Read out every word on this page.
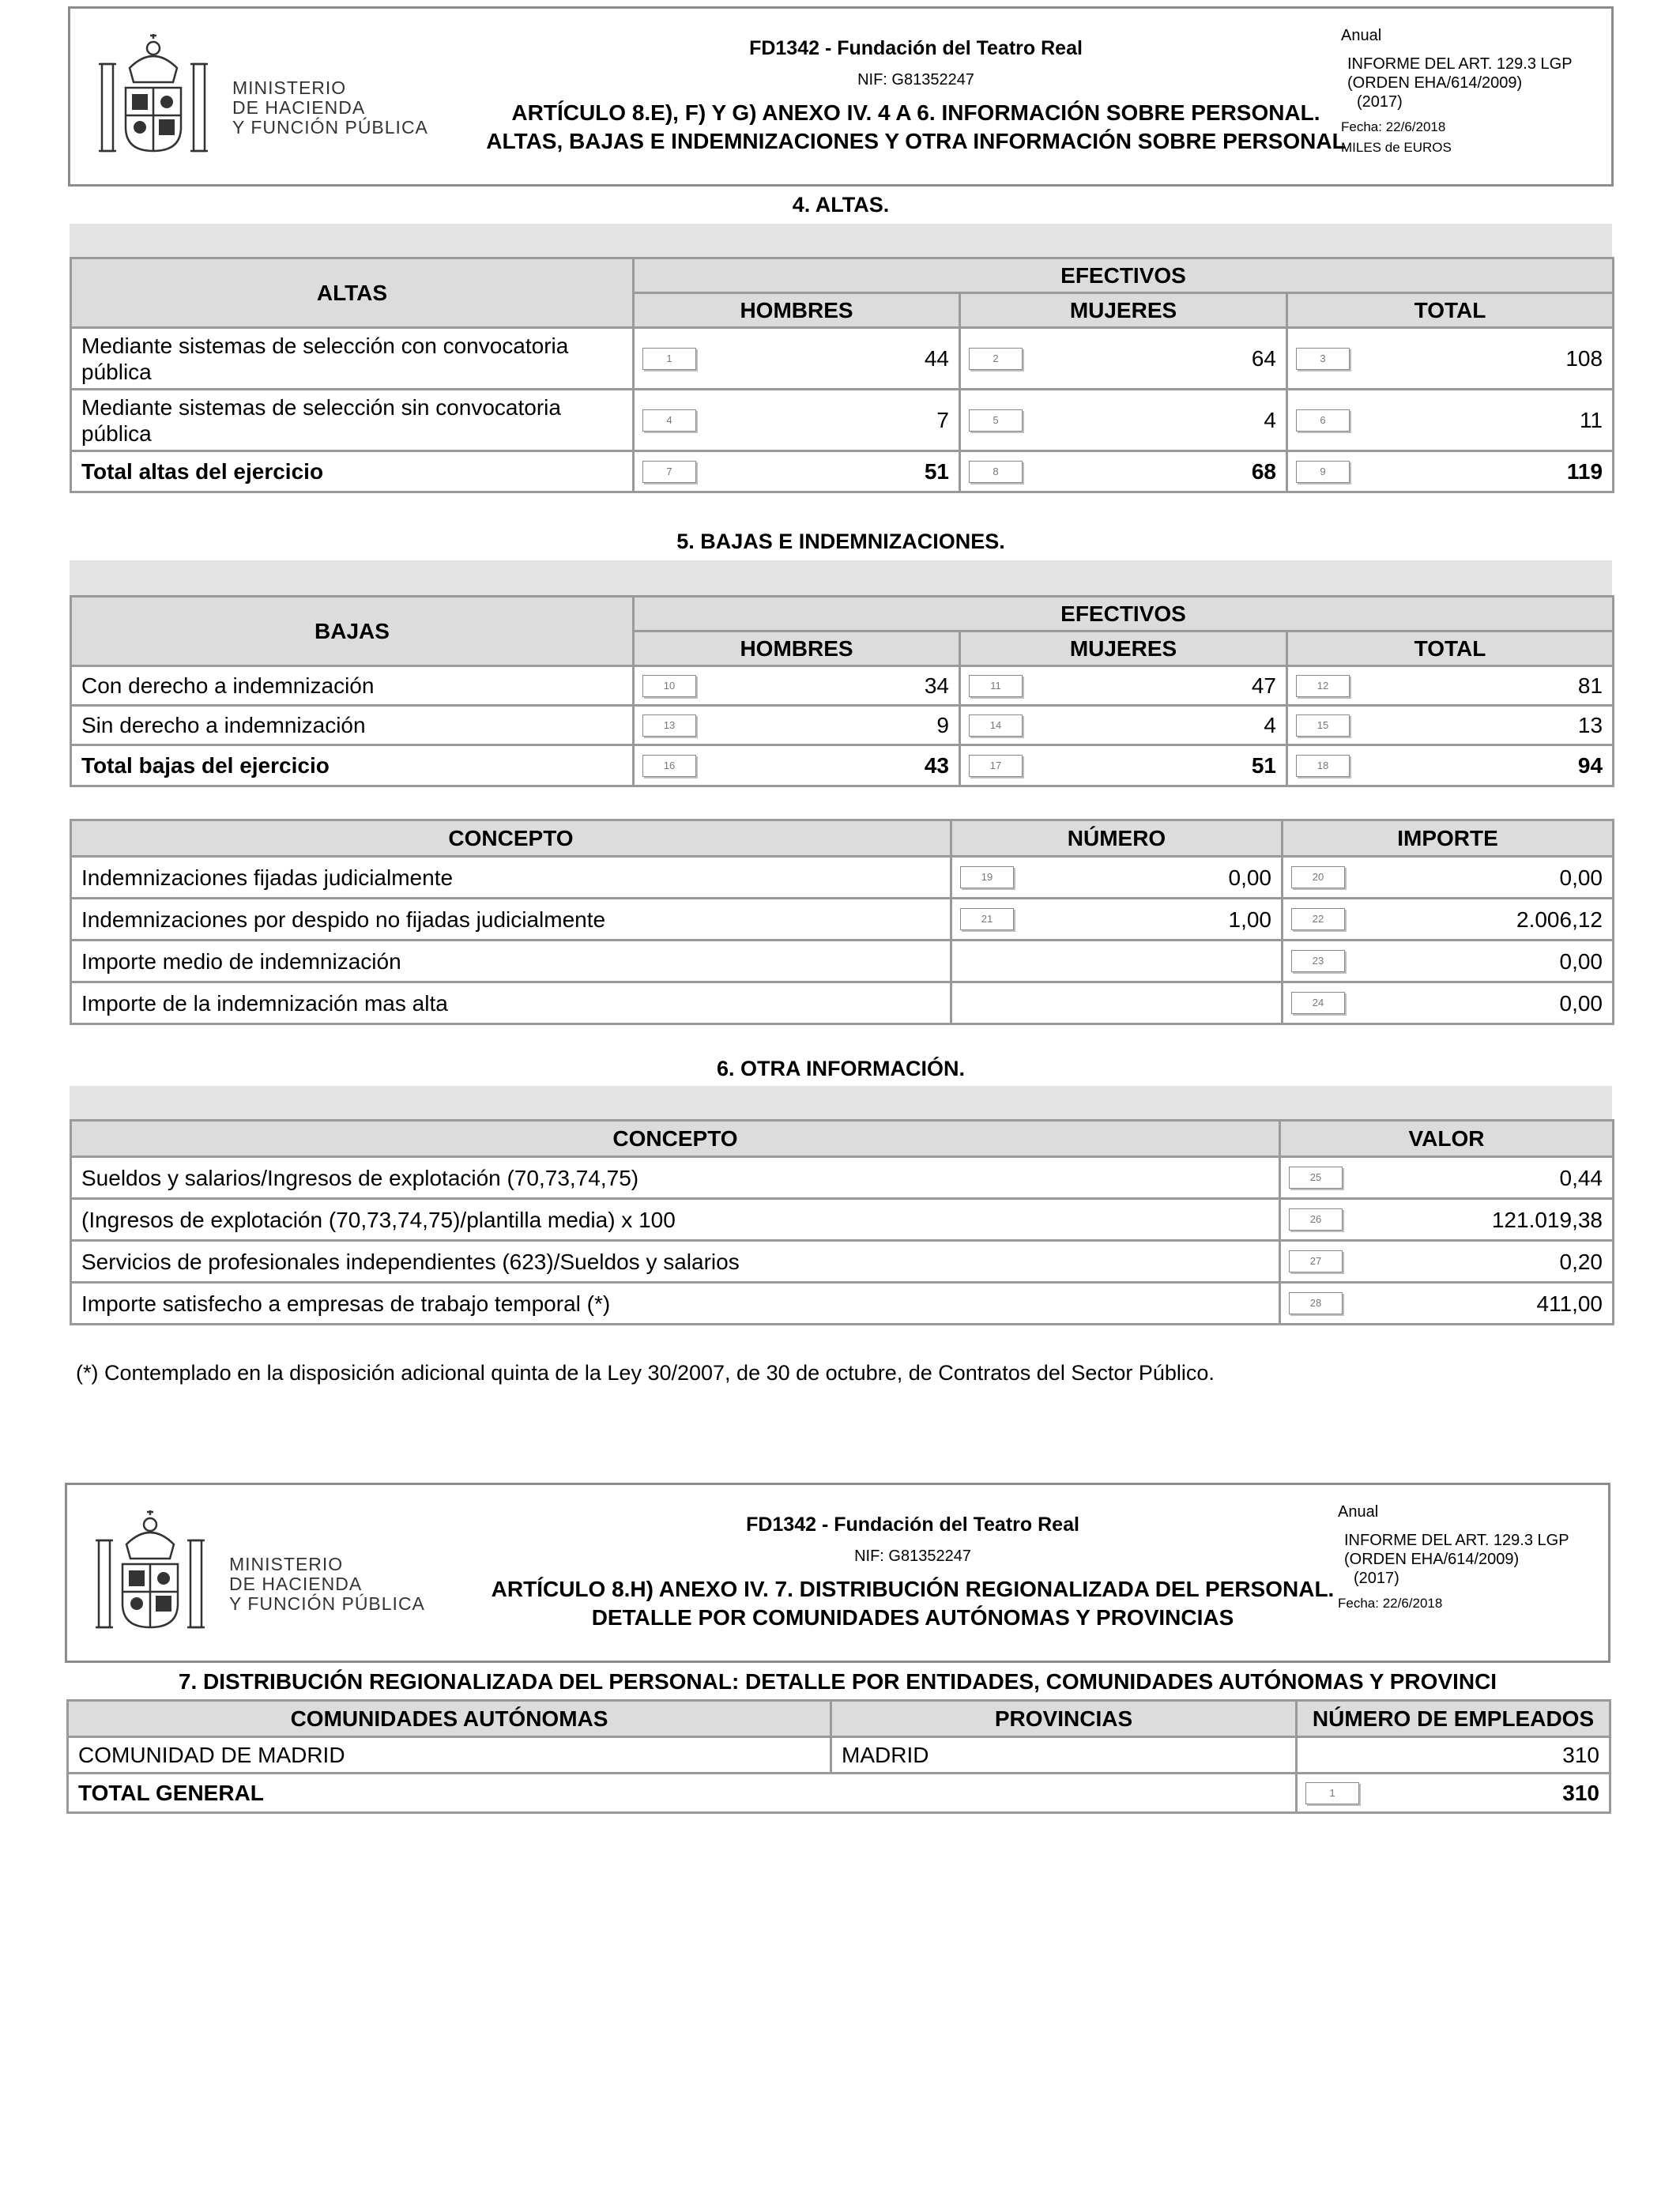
MINISTERIO
DE HACIENDA
Y FUNCIÓN PÚBLICA
FD1342 - Fundación del Teatro Real
NIF: G81352247
ARTÍCULO 8.E), F) Y G) ANEXO IV. 4 A 6. INFORMACIÓN SOBRE PERSONAL.
ALTAS, BAJAS E INDEMNIZACIONES Y OTRA INFORMACIÓN SOBRE PERSONAL
Anual
INFORME DEL ART. 129.3 LGP
(ORDEN EHA/614/2009)
(2017)
Fecha: 22/6/2018
MILES de EUROS
4. ALTAS.
ALTAS	EFECTIVOS		
	HOMBRES	MUJERES	TOTAL
Mediante sistemas de selección con convocatoria pública	1 44	2 64	3 108
Mediante sistemas de selección sin convocatoria pública	4 7	5 4	6 11
Total altas del ejercicio	7 51	8 68	9 119
5. BAJAS E INDEMNIZACIONES.
BAJAS	EFECTIVOS		
	HOMBRES	MUJERES	TOTAL
Con derecho a indemnización	10 34	11 47	12 81
Sin derecho a indemnización	13 9	14 4	15 13
Total bajas del ejercicio	16 43	17 51	18 94
CONCEPTO	NÚMERO	IMPORTE
Indemnizaciones fijadas judicialmente	19 0,00	20 0,00
Indemnizaciones por despido no fijadas judicialmente	21 1,00	22 2.006,12
Importe medio de indemnización		23 0,00
Importe de la indemnización mas alta		24 0,00
6. OTRA INFORMACIÓN.
CONCEPTO	VALOR
Sueldos y salarios/Ingresos de explotación (70,73,74,75)	25 0,44
(Ingresos de explotación (70,73,74,75)/plantilla media) x 100	26 121.019,38
Servicios de profesionales independientes (623)/Sueldos y salarios	27 0,20
Importe satisfecho a empresas de trabajo temporal (*)	28 411,00
(*) Contemplado en la disposición adicional quinta de la Ley 30/2007, de 30 de octubre, de Contratos del Sector Público.
MINISTERIO
DE HACIENDA
Y FUNCIÓN PÚBLICA
FD1342 - Fundación del Teatro Real
NIF: G81352247
ARTÍCULO 8.H) ANEXO IV. 7. DISTRIBUCIÓN REGIONALIZADA DEL PERSONAL.
DETALLE POR COMUNIDADES AUTÓNOMAS Y PROVINCIAS
Anual
INFORME DEL ART. 129.3 LGP
(ORDEN EHA/614/2009)
(2017)
Fecha: 22/6/2018
7. DISTRIBUCIÓN REGIONALIZADA DEL PERSONAL: DETALLE POR ENTIDADES, COMUNIDADES AUTÓNOMAS Y PROVINCI
COMUNIDADES AUTÓNOMAS	PROVINCIAS	NÚMERO DE EMPLEADOS
COMUNIDAD DE MADRID	MADRID	310
TOTAL GENERAL		1 310
